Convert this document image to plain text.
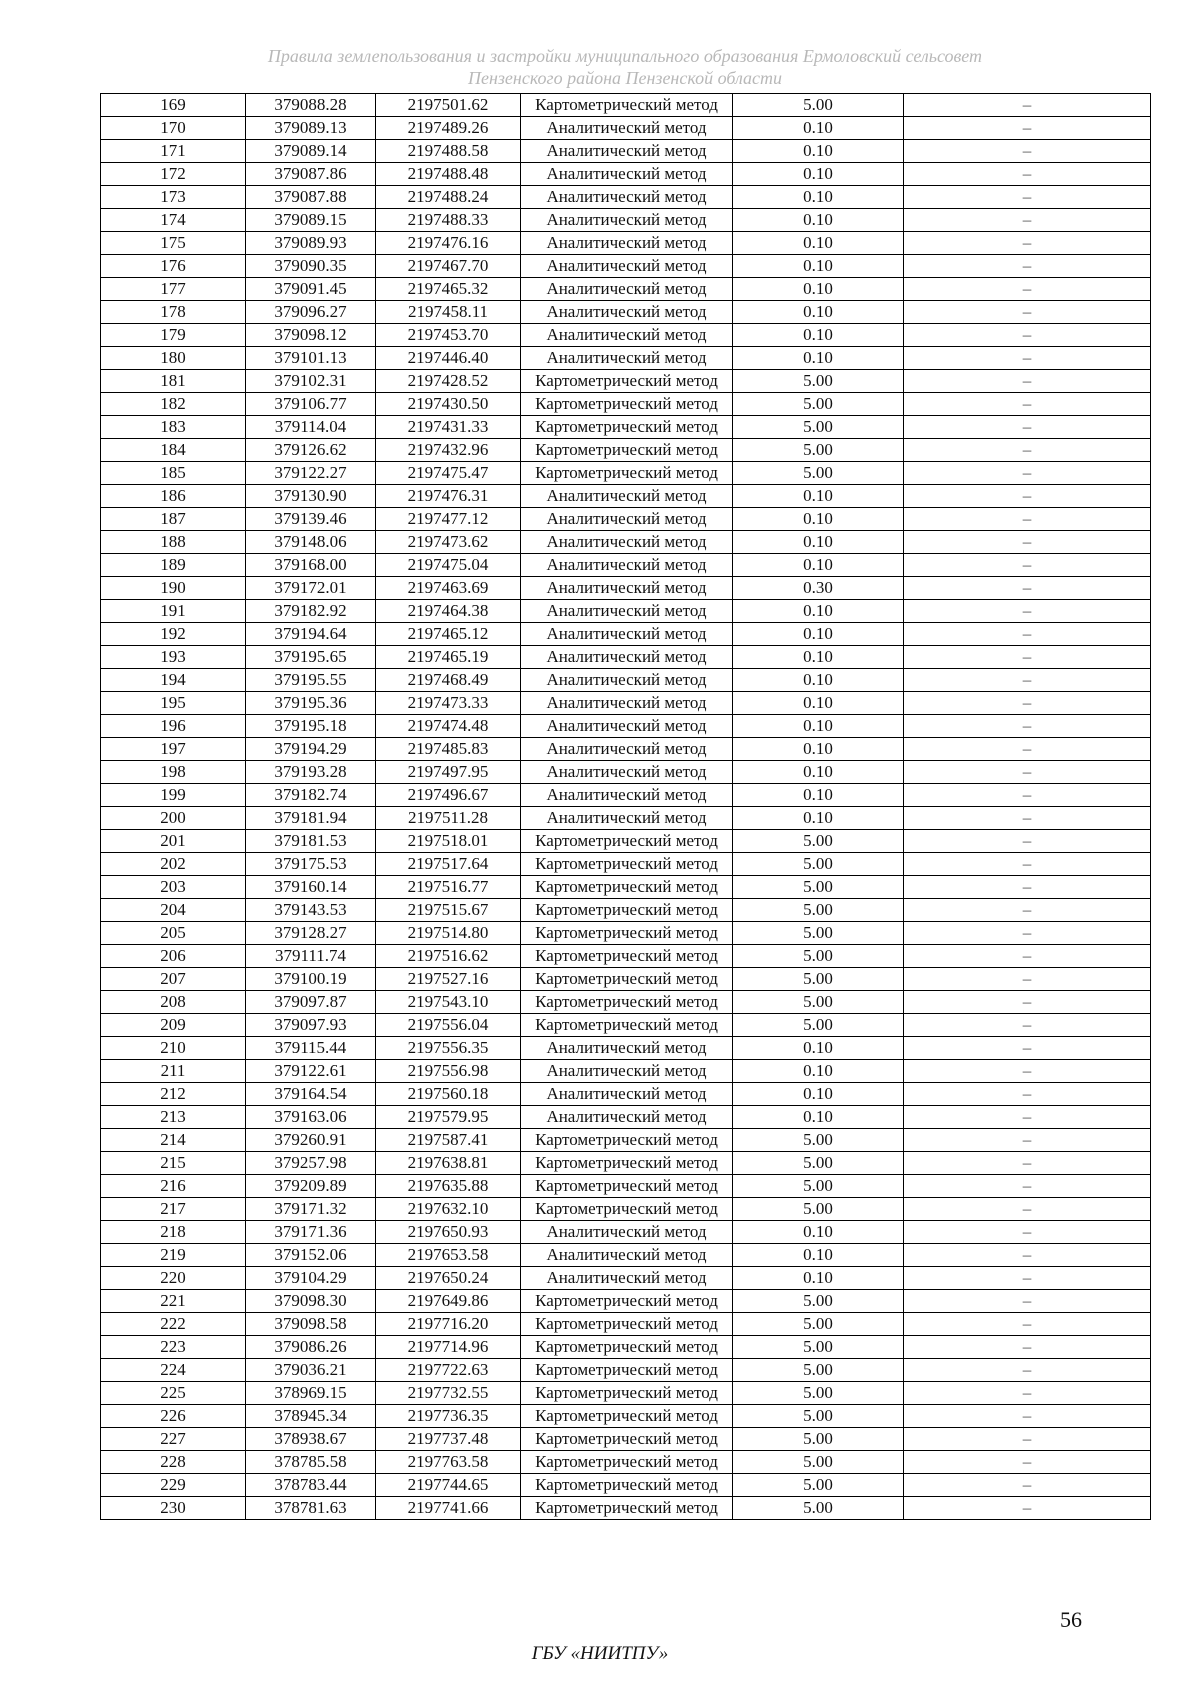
Правила землепользования и застройки муниципального образования Ермоловский сельсовет
Пензенского района Пензенской области
169	379088.28	2197501.62	Картометрический метод	5.00	–
170	379089.13	2197489.26	Аналитический метод	0.10	–
171	379089.14	2197488.58	Аналитический метод	0.10	–
172	379087.86	2197488.48	Аналитический метод	0.10	–
173	379087.88	2197488.24	Аналитический метод	0.10	–
174	379089.15	2197488.33	Аналитический метод	0.10	–
175	379089.93	2197476.16	Аналитический метод	0.10	–
176	379090.35	2197467.70	Аналитический метод	0.10	–
177	379091.45	2197465.32	Аналитический метод	0.10	–
178	379096.27	2197458.11	Аналитический метод	0.10	–
179	379098.12	2197453.70	Аналитический метод	0.10	–
180	379101.13	2197446.40	Аналитический метод	0.10	–
181	379102.31	2197428.52	Картометрический метод	5.00	–
182	379106.77	2197430.50	Картометрический метод	5.00	–
183	379114.04	2197431.33	Картометрический метод	5.00	–
184	379126.62	2197432.96	Картометрический метод	5.00	–
185	379122.27	2197475.47	Картометрический метод	5.00	–
186	379130.90	2197476.31	Аналитический метод	0.10	–
187	379139.46	2197477.12	Аналитический метод	0.10	–
188	379148.06	2197473.62	Аналитический метод	0.10	–
189	379168.00	2197475.04	Аналитический метод	0.10	–
190	379172.01	2197463.69	Аналитический метод	0.30	–
191	379182.92	2197464.38	Аналитический метод	0.10	–
192	379194.64	2197465.12	Аналитический метод	0.10	–
193	379195.65	2197465.19	Аналитический метод	0.10	–
194	379195.55	2197468.49	Аналитический метод	0.10	–
195	379195.36	2197473.33	Аналитический метод	0.10	–
196	379195.18	2197474.48	Аналитический метод	0.10	–
197	379194.29	2197485.83	Аналитический метод	0.10	–
198	379193.28	2197497.95	Аналитический метод	0.10	–
199	379182.74	2197496.67	Аналитический метод	0.10	–
200	379181.94	2197511.28	Аналитический метод	0.10	–
201	379181.53	2197518.01	Картометрический метод	5.00	–
202	379175.53	2197517.64	Картометрический метод	5.00	–
203	379160.14	2197516.77	Картометрический метод	5.00	–
204	379143.53	2197515.67	Картометрический метод	5.00	–
205	379128.27	2197514.80	Картометрический метод	5.00	–
206	379111.74	2197516.62	Картометрический метод	5.00	–
207	379100.19	2197527.16	Картометрический метод	5.00	–
208	379097.87	2197543.10	Картометрический метод	5.00	–
209	379097.93	2197556.04	Картометрический метод	5.00	–
210	379115.44	2197556.35	Аналитический метод	0.10	–
211	379122.61	2197556.98	Аналитический метод	0.10	–
212	379164.54	2197560.18	Аналитический метод	0.10	–
213	379163.06	2197579.95	Аналитический метод	0.10	–
214	379260.91	2197587.41	Картометрический метод	5.00	–
215	379257.98	2197638.81	Картометрический метод	5.00	–
216	379209.89	2197635.88	Картометрический метод	5.00	–
217	379171.32	2197632.10	Картометрический метод	5.00	–
218	379171.36	2197650.93	Аналитический метод	0.10	–
219	379152.06	2197653.58	Аналитический метод	0.10	–
220	379104.29	2197650.24	Аналитический метод	0.10	–
221	379098.30	2197649.86	Картометрический метод	5.00	–
222	379098.58	2197716.20	Картометрический метод	5.00	–
223	379086.26	2197714.96	Картометрический метод	5.00	–
224	379036.21	2197722.63	Картометрический метод	5.00	–
225	378969.15	2197732.55	Картометрический метод	5.00	–
226	378945.34	2197736.35	Картометрический метод	5.00	–
227	378938.67	2197737.48	Картометрический метод	5.00	–
228	378785.58	2197763.58	Картометрический метод	5.00	–
229	378783.44	2197744.65	Картометрический метод	5.00	–
230	378781.63	2197741.66	Картометрический метод	5.00	–
56
ГБУ «НИИТПУ»
